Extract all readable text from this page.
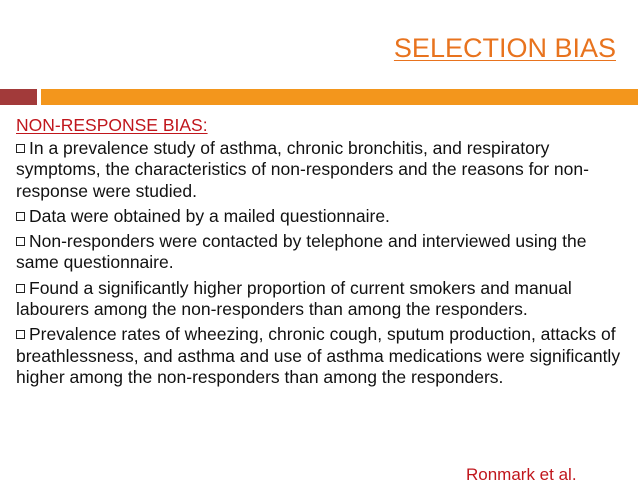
SELECTION BIAS
NON-RESPONSE BIAS:
In a prevalence study of asthma, chronic bronchitis, and respiratory symptoms, the characteristics of non-responders and the reasons for non-response were studied.
Data were obtained by a mailed questionnaire.
Non-responders were contacted by telephone and interviewed using the same questionnaire.
Found a significantly higher proportion of current smokers and manual labourers among the non-responders than among the responders.
Prevalence rates of wheezing, chronic cough, sputum production, attacks of breathlessness, and asthma and use of asthma medications were significantly higher among the non-responders than among the responders.
Ronmark et al.
